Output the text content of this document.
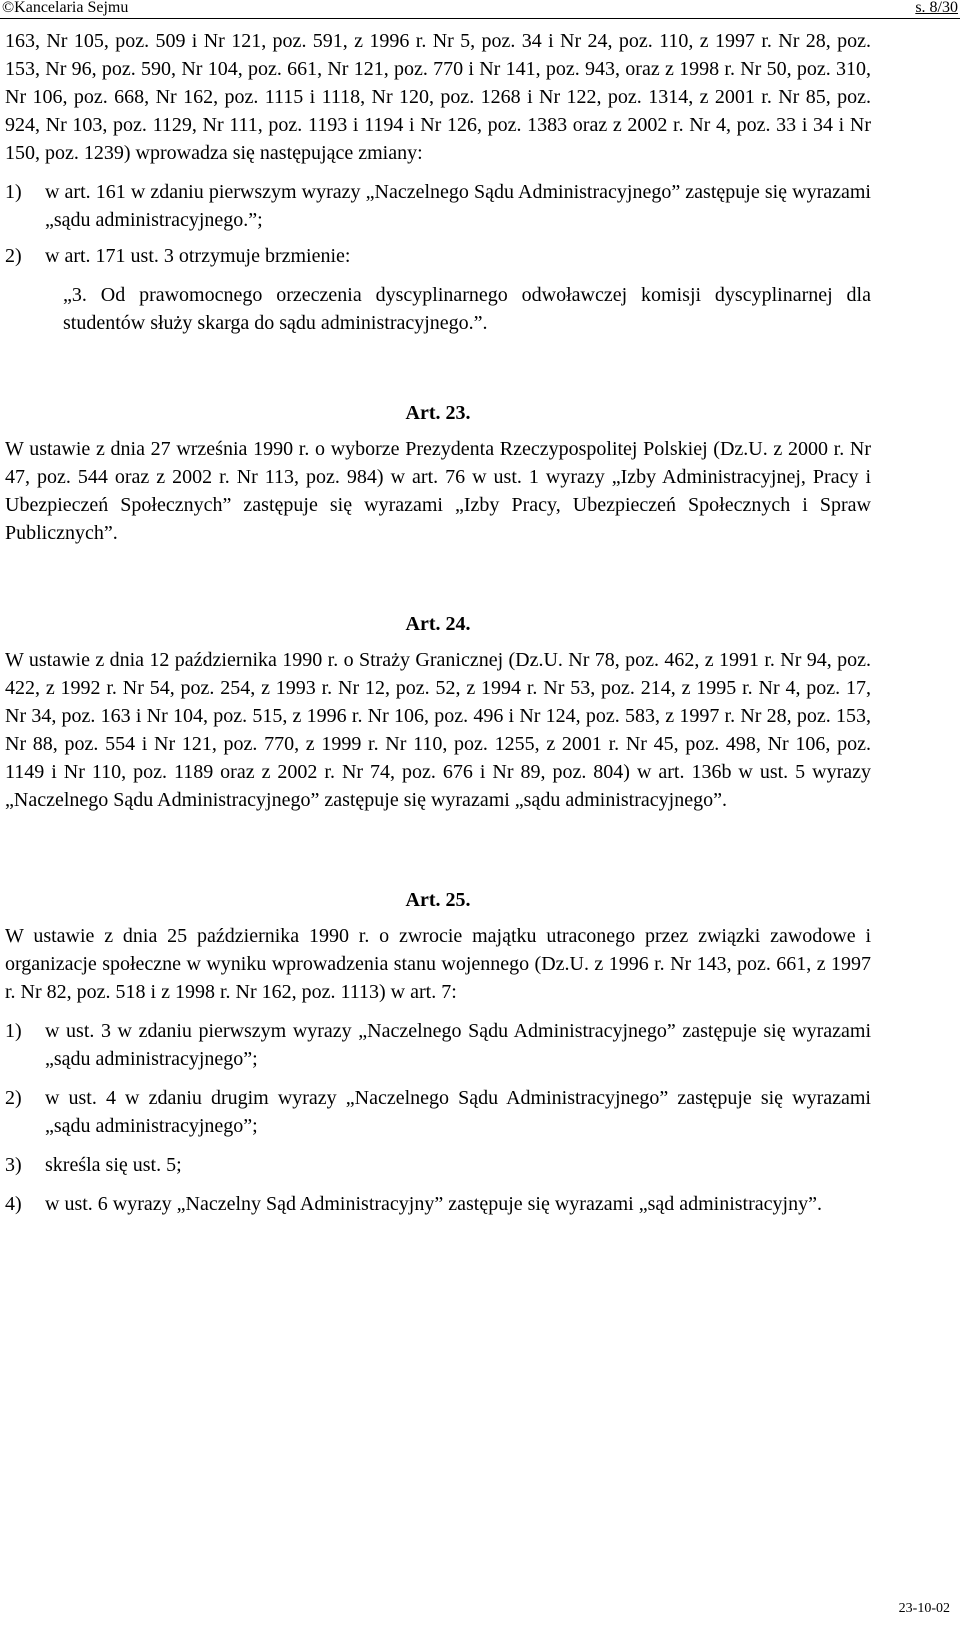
©Kancelaria Sejmu	s. 8/30

163, Nr 105, poz. 509 i Nr 121, poz. 591, z 1996 r. Nr 5, poz. 34 i Nr 24, poz. 110, z 1997 r. Nr 28, poz. 153, Nr 96, poz. 590, Nr 104, poz. 661, Nr 121, poz. 770 i Nr 141, poz. 943, oraz z 1998 r. Nr 50, poz. 310, Nr 106, poz. 668, Nr 162, poz. 1115 i 1118, Nr 120, poz. 1268 i Nr 122, poz. 1314, z 2001 r. Nr 85, poz. 924, Nr 103, poz. 1129, Nr 111, poz. 1193 i 1194 i Nr 126, poz. 1383 oraz z 2002 r. Nr 4, poz. 33 i 34 i Nr 150, poz. 1239) wprowadza się następujące zmiany:

1)	w art. 161 w zdaniu pierwszym wyrazy „Naczelnego Sądu Administracyjnego” zastępuje się wyrazami „sądu administracyjnego.”;
2)	w art. 171 ust. 3 otrzymuje brzmienie:

„3. Od prawomocnego orzeczenia dyscyplinarnego odwoławczej komisji dyscyplinarnej dla studentów służy skarga do sądu administracyjnego.”.

Art. 23.

W ustawie z dnia 27 września 1990 r. o wyborze Prezydenta Rzeczypospolitej Polskiej (Dz.U. z 2000 r. Nr 47, poz. 544 oraz z 2002 r. Nr 113, poz. 984) w art. 76 w ust. 1 wyrazy „Izby Administracyjnej, Pracy i Ubezpieczeń Społecznych” zastępuje się wyrazami „Izby Pracy, Ubezpieczeń Społecznych i Spraw Publicznych”.

Art. 24.

W ustawie z dnia 12 października 1990 r. o Straży Granicznej (Dz.U. Nr 78, poz. 462, z 1991 r. Nr 94, poz. 422, z 1992 r. Nr 54, poz. 254, z 1993 r. Nr 12, poz. 52, z 1994 r. Nr 53, poz. 214, z 1995 r. Nr 4, poz. 17, Nr 34, poz. 163 i Nr 104, poz. 515, z 1996 r. Nr 106, poz. 496 i Nr 124, poz. 583, z 1997 r. Nr 28, poz. 153, Nr 88, poz. 554 i Nr 121, poz. 770, z 1999 r. Nr 110, poz. 1255, z 2001 r. Nr 45, poz. 498, Nr 106, poz. 1149 i Nr 110, poz. 1189 oraz z 2002 r. Nr 74, poz. 676 i Nr 89, poz. 804) w art. 136b w ust. 5 wyrazy „Naczelnego Sądu Administracyjnego” zastępuje się wyrazami „sądu administracyjnego”.

Art. 25.

W ustawie z dnia 25 października 1990 r. o zwrocie majątku utraconego przez związki zawodowe i organizacje społeczne w wyniku wprowadzenia stanu wojennego (Dz.U. z 1996 r. Nr 143, poz. 661, z 1997 r. Nr 82, poz. 518 i z 1998 r. Nr 162, poz. 1113) w art. 7:

1)	w ust. 3 w zdaniu pierwszym wyrazy „Naczelnego Sądu Administracyjnego” zastępuje się wyrazami „sądu administracyjnego”;
2)	w ust. 4 w zdaniu drugim wyrazy „Naczelnego Sądu Administracyjnego” zastępuje się wyrazami „sądu administracyjnego”;
3)	skreśla się ust. 5;
4)	w ust. 6 wyrazy „Naczelny Sąd Administracyjny” zastępuje się wyrazami „sąd administracyjny”.
23-10-02
